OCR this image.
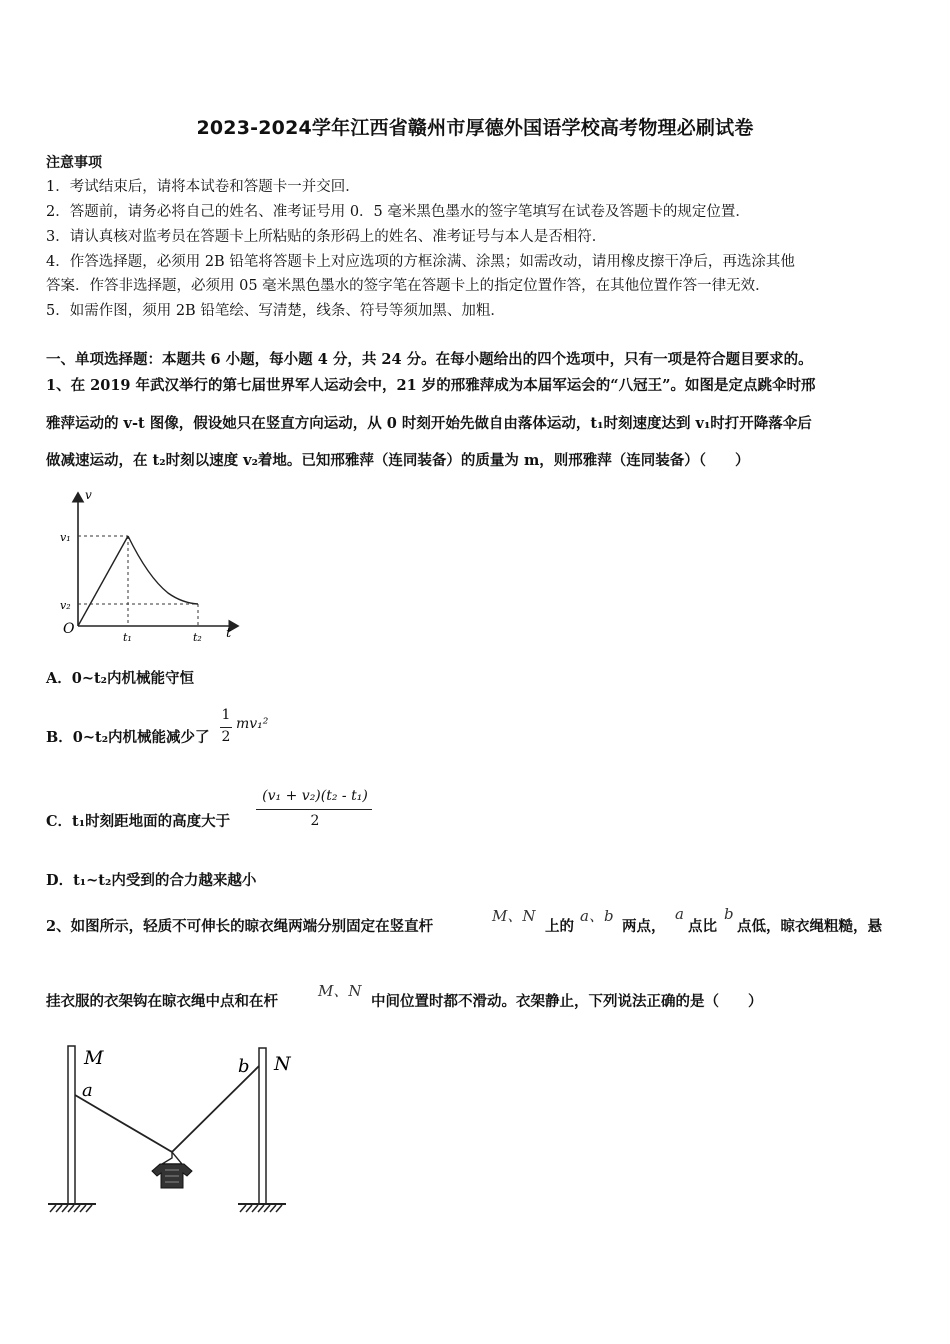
2023-2024学年江西省赣州市厚德外国语学校高考物理必刷试卷
注意事项
1．考试结束后，请将本试卷和答题卡一并交回．
2．答题前，请务必将自己的姓名、准考证号用 0．5 毫米黑色墨水的签字笔填写在试卷及答题卡的规定位置．
3．请认真核对监考员在答题卡上所粘贴的条形码上的姓名、准考证号与本人是否相符．
4．作答选择题，必须用 2B 铅笔将答题卡上对应选项的方框涂满、涂黑；如需改动，请用橡皮擦干净后，再选涂其他
答案．作答非选择题，必须用 05 毫米黑色墨水的签字笔在答题卡上的指定位置作答，在其他位置作答一律无效．
5．如需作图，须用 2B 铅笔绘、写清楚，线条、符号等须加黑、加粗．
一、单项选择题：本题共 6 小题，每小题 4 分，共 24 分。在每小题给出的四个选项中，只有一项是符合题目要求的。
1、在 2019 年武汉举行的第七届世界军人运动会中，21 岁的邢雅萍成为本届军运会的“八冠王”。如图是定点跳伞时邢
雅萍运动的 v-t 图像，假设她只在竖直方向运动，从 0 时刻开始先做自由落体运动，t₁时刻速度达到 v₁时打开降落伞后
做减速运动，在 t₂时刻以速度 v₂着地。已知邢雅萍（连同装备）的质量为 m，则邢雅萍（连同装备）（　　）
v
t
O
v₁
v₂
t₁	t₂
A．0~t₂内机械能守恒
B．0~t₂内机械能减少了
1
2
mv₁²
C．t₁时刻距地面的高度大于
(v₁ + v₂)(t₂ - t₁)
2
D．t₁~t₂内受到的合力越来越小
2、如图所示，轻质不可伸长的晾衣绳两端分别固定在竖直杆
M、N
上的
a、b
两点，
a
点比
b
点低，晾衣绳粗糙，悬
挂衣服的衣架钩在晾衣绳中点和在杆
M、N
中间位置时都不滑动。衣架静止，下列说法正确的是（　　）
M
a
b N
